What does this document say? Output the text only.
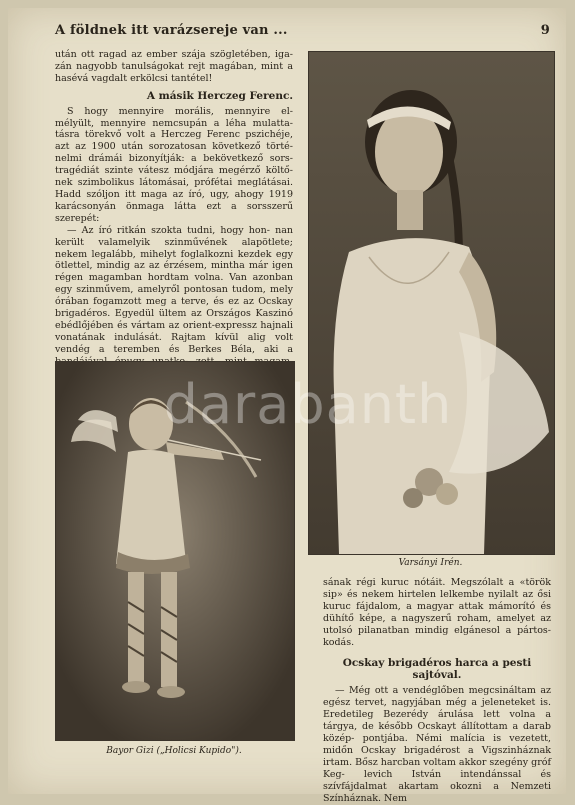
A földnek itt varázsereje van ...	9

után ott ragad az ember szája szögletében, iga- zán nagyobb tanulságokat rejt magában, mint a hasévá vagdalt erkölcsi tantétel!

A másik Herczeg Ferenc.

S hogy mennyire morális, mennyire el- mélyült, mennyire nemcsupán a léha mulatta- tásra törekvő volt a Herczeg Ferenc pszichéje, azt az 1900 után sorozatosan következő törté- nelmi drámái bizonyítják: a bekövetkező sors- tragédiát szinte vátesz módjára megérző költő- nek szimbolikus látomásai, prófétai meglátásai. Hadd szóljon itt maga az író, ugy, ahogy 1919 karácsonyán önmaga látta ezt a sorsszerű szerepét:

— Az író ritkán szokta tudni, hogy hon- nan került valamelyik szinművének alapötlete; nekem legalább, mihelyt foglalkozni kezdek egy ötlettel, mindig az az érzésem, mintha már igen régen magamban hordtam volna. Van azonban egy szinművem, amelyről pontosan tudom, mely órában fogamzott meg a terve, és ez az Ocskay brigadéros. Egyedül ültem az Országos Kaszinó ebédlőjében és vártam az orient-expressz hajnali vonatának indulását. Rajtam kívül alig volt vendég a teremben és Berkes Béla, aki a

Bayor Gizi („Holicsi Kupido").
Varsányi Irén.

sának régi kuruc nótáit. Megszólalt a «török sip» és nekem hirtelen lelkembe nyilalt az ősi kuruc fájdalom, a magyar attak mámorító és dühítő képe, a nagyszerű roham, amelyet az utolsó pilanatban mindig elgánesol a pártos- kodás.

Ocskay brigadéros harca a pesti sajtóval.

— Még ott a vendéglőben megcsináltam az egész tervet, nagyjában még a jeleneteket is. Eredetileg Bezerédy árulása lett volna a tárgya, de később Ocskayt állítottam a darab közép- pontjába. Némi malícia is vezetett, midőn Ocskay brigadérost a Vigszinháznak irtam. Bősz harcban voltam akkor szegény gróf Keg- levich István intendánssal és szívfájdalmat akartam okozni a Nemzeti Színháznak. Nem

darabanth
